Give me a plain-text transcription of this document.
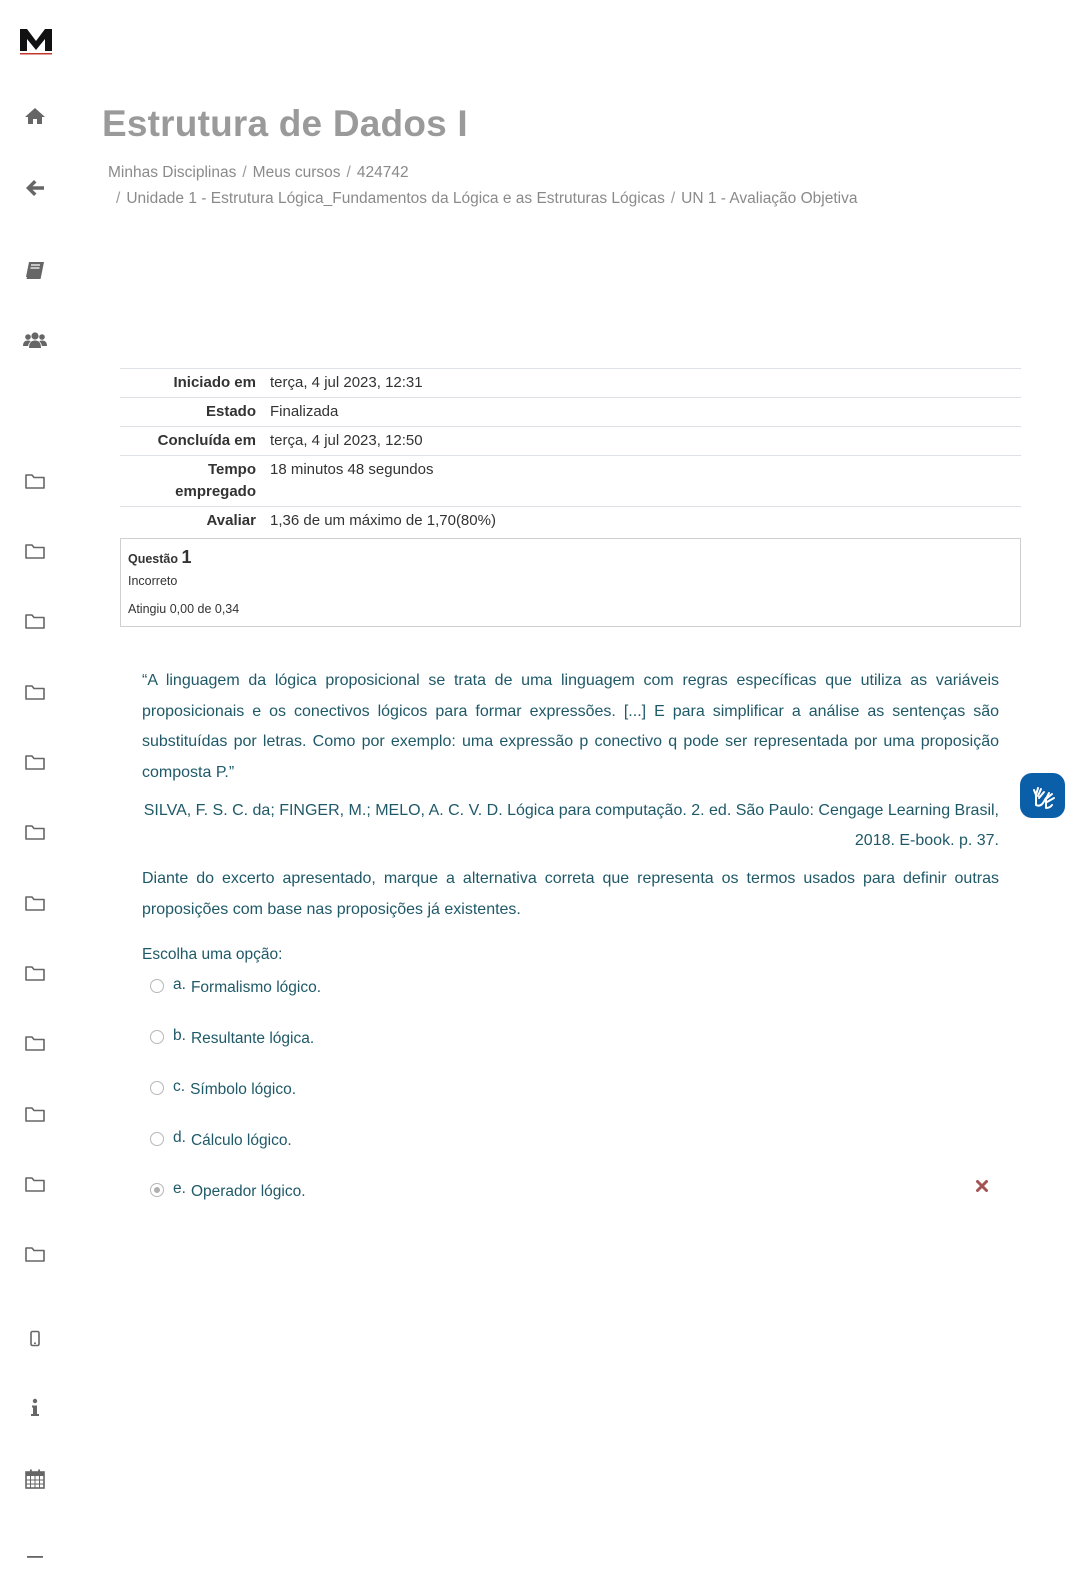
Estrutura de Dados I
Minhas Disciplinas / Meus cursos / 424742
/ Unidade 1 - Estrutura Lógica_Fundamentos da Lógica e as Estruturas Lógicas / UN 1 - Avaliação Objetiva
Iniciado em	terça, 4 jul 2023, 12:31
Estado	Finalizada
Concluída em	terça, 4 jul 2023, 12:50
Tempo
empregado	18 minutos 48 segundos
Avaliar	1,36 de um máximo de 1,70(80%)
Questão 1
Incorreto
Atingiu 0,00 de 0,34

“A linguagem da lógica proposicional se trata de uma linguagem com regras específicas que utiliza as variáveis proposicionais e os conectivos lógicos para formar expressões. [...] E para simplificar a análise as sentenças são substituídas por letras. Como por exemplo: uma expressão p conectivo q pode ser representada por uma proposição composta P.”

SILVA, F. S. C. da; FINGER, M.; MELO, A. C. V. D. Lógica para computação. 2. ed. São Paulo: Cengage Learning Brasil, 2018. E-book. p. 37.

Diante do excerto apresentado, marque a alternativa correta que representa os termos usados para definir outras proposições com base nas proposições já existentes.

Escolha uma opção:
a. Formalismo lógico.
b. Resultante lógica.
c. Símbolo lógico.
d. Cálculo lógico.
e. Operador lógico.
